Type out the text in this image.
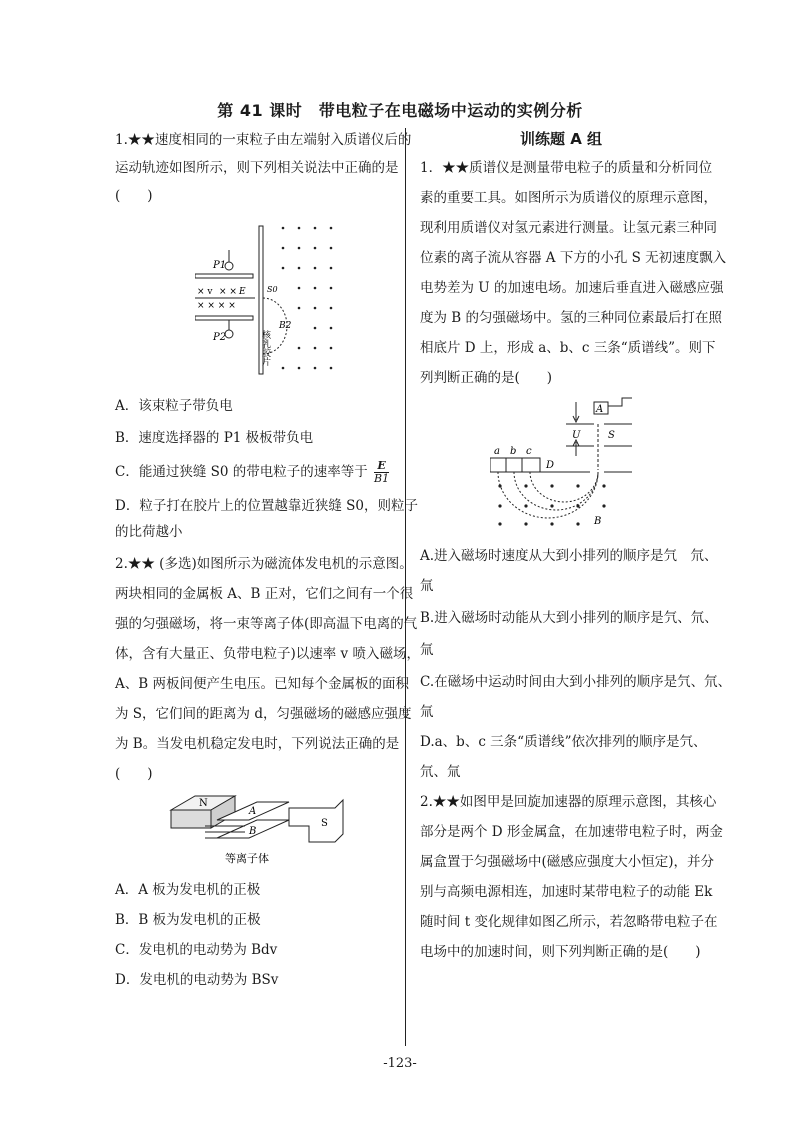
第 41 课时　带电粒子在电磁场中运动的实例分析
1.★★速度相同的一束粒子由左端射入质谱仪后的
运动轨迹如图所示，则下列相关说法中正确的是
(　　)
P1
× v × ×
× × × ×
E
P2
S0
B2
核乳胶片
A．该束粒子带负电
B．速度选择器的 P1 极板带负电
C．能通过狭缝 S0 的带电粒子的速率等于 $\frac{E}{B1}$
D．粒子打在胶片上的位置越靠近狭缝 S0，则粒子
的比荷越小
2.★★ (多选)如图所示为磁流体发电机的示意图。
两块相同的金属板 A、B 正对，它们之间有一个很
强的匀强磁场，将一束等离子体(即高温下电离的气
体，含有大量正、负带电粒子)以速率 v 喷入磁场，
A、B 两板间便产生电压。已知每个金属板的面积
为 S，它们间的距离为 d，匀强磁场的磁感应强度
为 B。当发电机稳定发电时，下列说法正确的是
(　　)
N
A
B
S
等离子体
A．A 板为发电机的正极
B．B 板为发电机的正极
C．发电机的电动势为 Bdv
D．发电机的电动势为 BSv
训练题 A 组
1．★★质谱仪是测量带电粒子的质量和分析同位
素的重要工具。如图所示为质谱仪的原理示意图，
现利用质谱仪对氢元素进行测量。让氢元素三种同
位素的离子流从容器 A 下方的小孔 S 无初速度飘入
电势差为 U 的加速电场。加速后垂直进入磁感应强
度为 B 的匀强磁场中。氢的三种同位素最后打在照
相底片 D 上，形成 a、b、c 三条“质谱线”。则下
列判断正确的是(　　)
A
U	S
a b c
D
B
A.进入磁场时速度从大到小排列的顺序是氕　氘、
氚
B.进入磁场时动能从大到小排列的顺序是氕、氘、
氚
C.在磁场中运动时间由大到小排列的顺序是氕、氘、
氚
D.a、b、c 三条“质谱线”依次排列的顺序是氕、
氘、氚
2.★★如图甲是回旋加速器的原理示意图，其核心
部分是两个 D 形金属盒，在加速带电粒子时，两金
属盒置于匀强磁场中(磁感应强度大小恒定)，并分
别与高频电源相连，加速时某带电粒子的动能 Ek
随时间 t 变化规律如图乙所示，若忽略带电粒子在
电场中的加速时间，则下列判断正确的是(　　)
-123-
